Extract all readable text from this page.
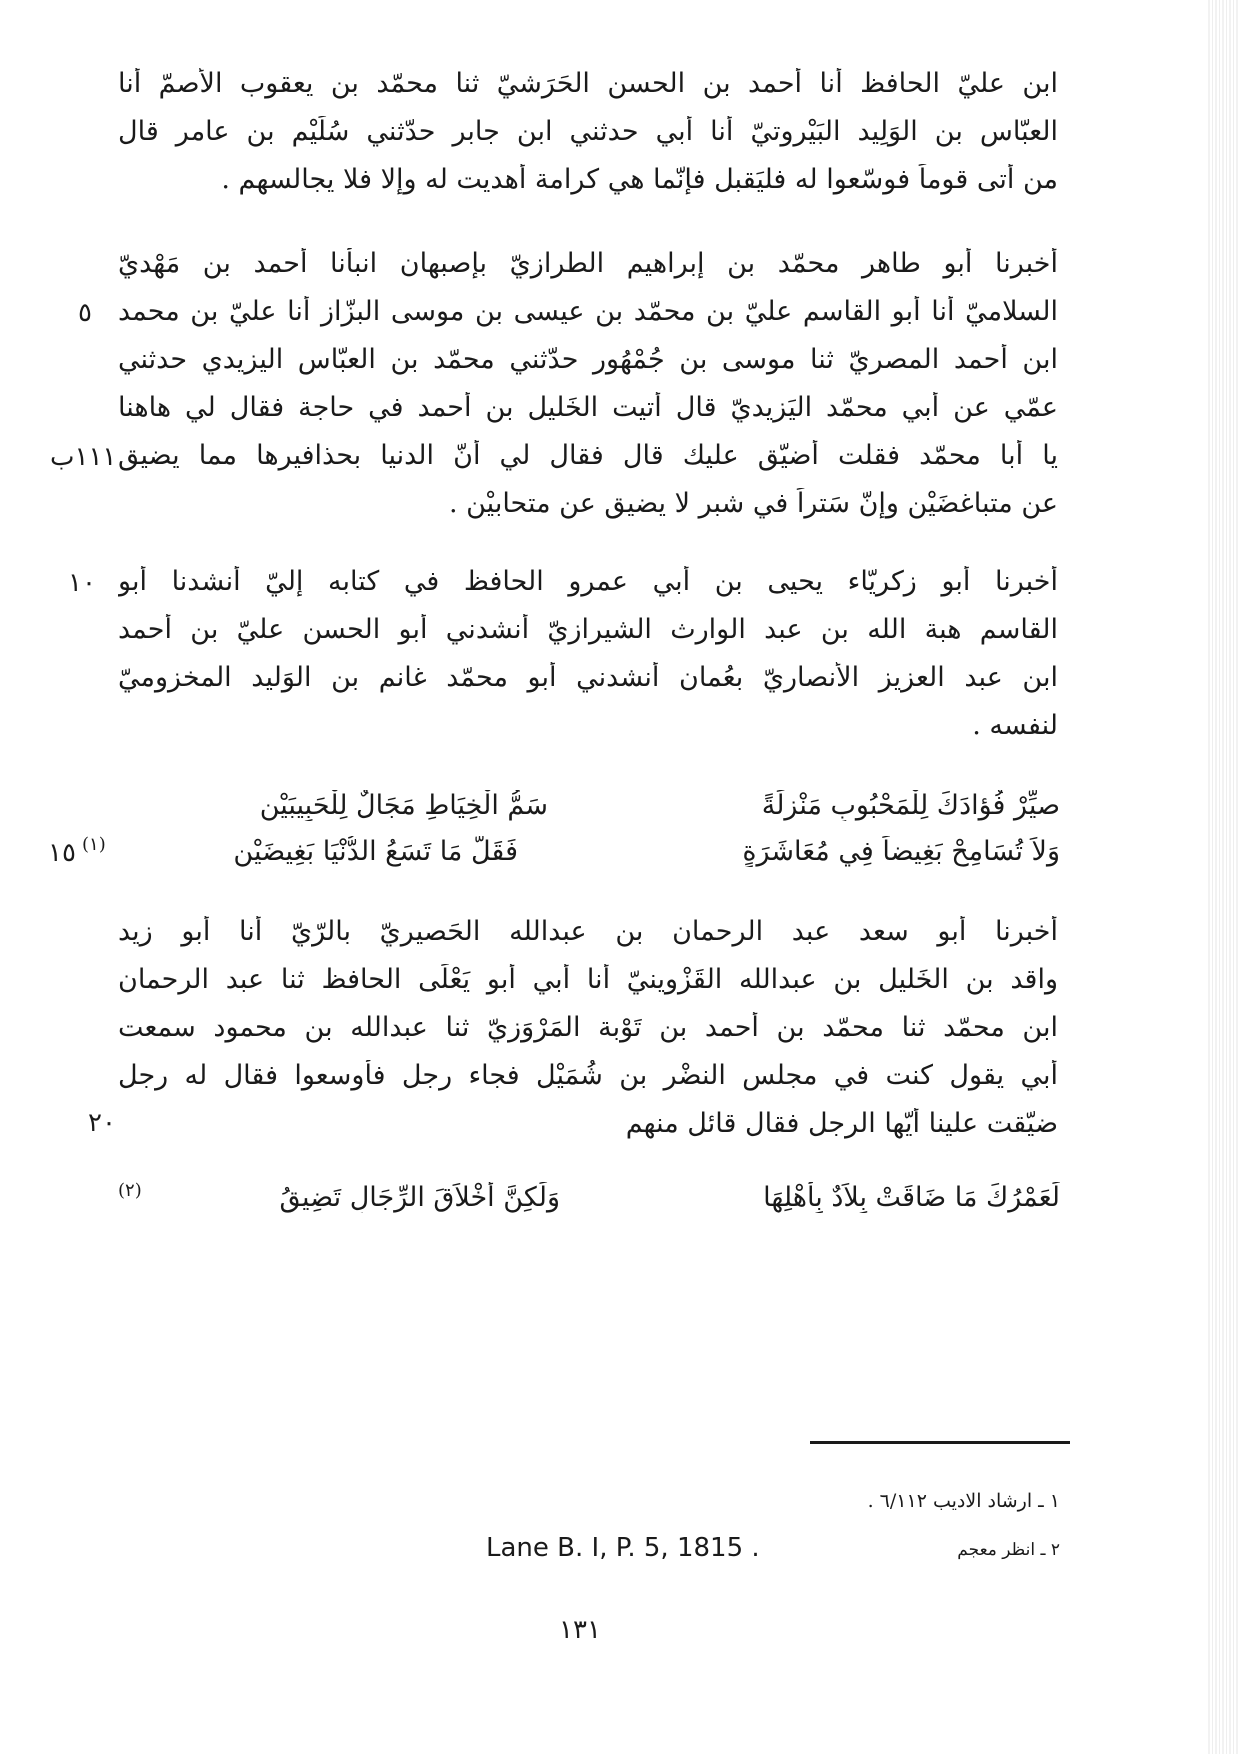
ابن عليّ الحافظ أنا أحمد بن الحسن الحَرَشيّ ثنا محمّد بن يعقوب الأصمّ أنا
العبّاس بن الوَلِيد البَيْروتيّ أنا أبي حدثني ابن جابر حدّثني سُلَيْم بن عامر قال
من أتى قوماً فوسّعوا له فليَقبل فإنّما هي كرامة أُهديت له وإلا فلا يجالسهم .
أخبرنا أبو طاهر محمّد بن إبراهيم الطرازيّ بإصبهان انبأنا أحمد بن مَهْديّ
السلاميّ أنا أبو القاسم عليّ بن محمّد بن عيسى بن موسى البزّاز أنا عليّ بن محمد
ابن أحمد المصريّ ثنا موسى بن جُمْهُور حدّثني محمّد بن العبّاس اليزيدي حدثني
عمّي عن أبي محمّد اليَزيديّ قال أتيت الخَليل بن أحمد في حاجة فقال لي هاهنا
يا أبا محمّد فقلت أضيّق عليك قال فقال لي أنّ الدنيا بحذافيرها مما يضيق
عن متباغضَيْن وإنّ سَتراً في شبر لا يضيق عن متحابيْن .
أخبرنا أبو زكريّاء يحيى بن أبي عمرو الحافظ في كتابه إليّ أنشدنا أبو
القاسم هبة الله بن عبد الوارث الشيرازيّ أنشدني أبو الحسن عليّ بن أحمد
ابن عبد العزيز الأنصاريّ بعُمان أنشدني أبو محمّد غانم بن الوَليد المخزوميّ
لنفسه .
صيِّرْ فُؤادَكَ لِلْمَحْبُوبِ مَنْزِلَةً
سَمُّ الْخِيَاطِ مَجَالٌ لِلْحَبِيبَيْنِ
وَلاَ تُسَامِحْ بَغِيضاً فِي مُعَاشَرَةٍ
فَقَلَّ مَا تَسَعُ الدُّنْيَا بَغِيضَيْنِ
(١)
أخبرنا أبو سعد عبد الرحمان بن عبدالله الحَصيريّ بالرّيّ أنا أبو زيد
واقد بن الخَليل بن عبدالله القَزْوينيّ أنا أبي أبو يَعْلَى الحافظ ثنا عبد الرحمان
ابن محمّد ثنا محمّد بن أحمد بن تَوْبة المَرْوَزيّ ثنا عبدالله بن محمود سمعت
أبي يقول كنت في مجلس النضْر بن شُمَيْل فجاء رجل فأوسعوا فقال له رجل
ضيّقت علينا أيّها الرجل فقال قائل منهم
لَعَمْرُكَ مَا ضَاقَتْ بِلاَدٌ بِأَهْلِهَا
وَلَكِنَّ أَخْلاَقَ الرِّجَالِ تَضِيقُ
(٢)
٥
١١١ب
١٠
١٥
٢٠
١ ـ ارشاد الاديب ٦/١١٢ .
٢ ـ انظر معجم
Lane B. I, P. 5, 1815 .
١٣١
